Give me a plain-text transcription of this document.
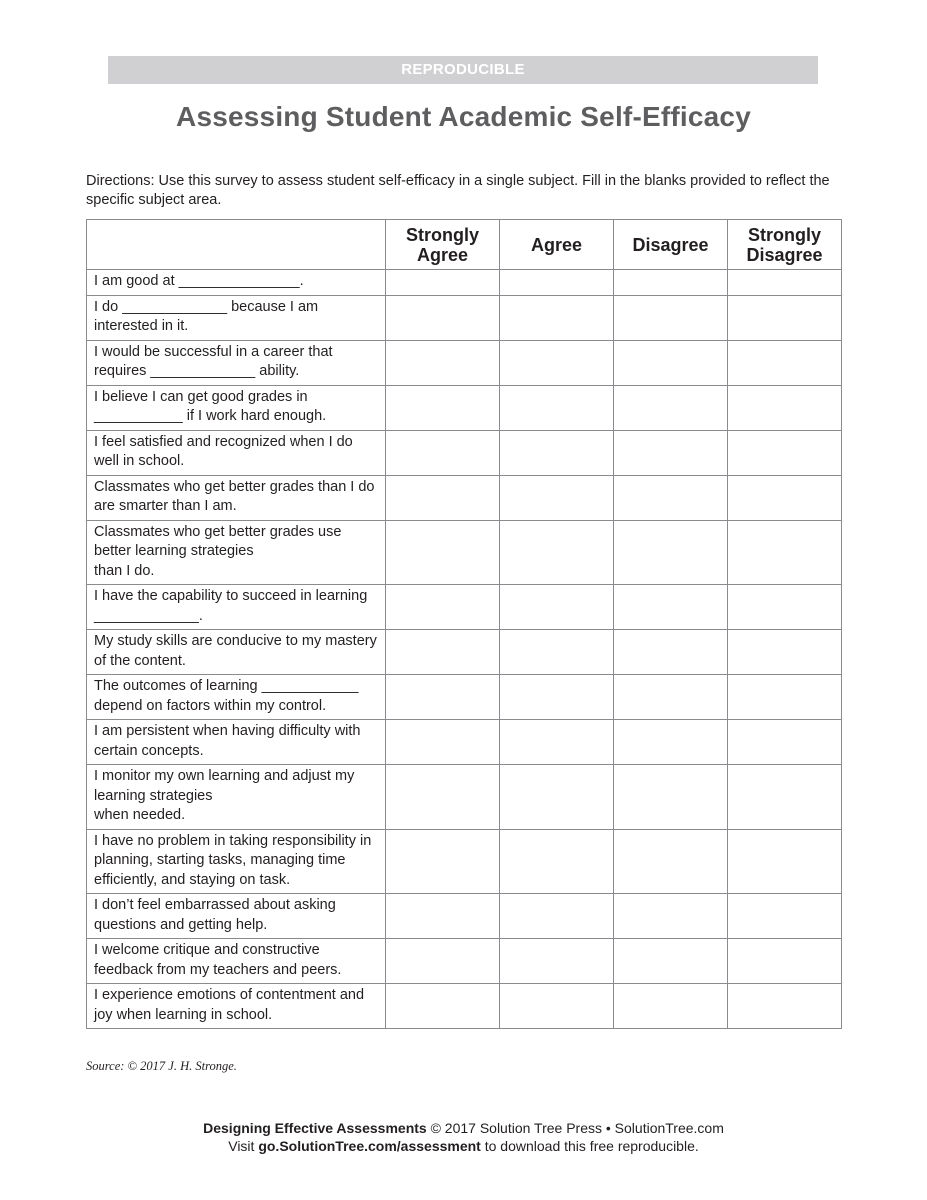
REPRODUCIBLE
Assessing Student Academic Self-Efficacy

Directions: Use this survey to assess student self-efficacy in a single subject. Fill in the blanks provided to reflect the specific subject area.

	Strongly Agree	Agree	Disagree	Strongly Disagree
I am good at _______________.				
I do _____________ because I am interested in it.				
I would be successful in a career that requires _____________ ability.				
I believe I can get good grades in ___________ if I work hard enough.				
I feel satisfied and recognized when I do well in school.				
Classmates who get better grades than I do are smarter than I am.				
Classmates who get better grades use better learning strategies
than I do.				
I have the capability to succeed in learning _____________.				
My study skills are conducive to my mastery of the content.				
The outcomes of learning ____________ depend on factors within my control.				
I am persistent when having difficulty with certain concepts.				
I monitor my own learning and adjust my learning strategies
when needed.				
I have no problem in taking responsibility in planning, starting tasks, managing time efficiently, and staying on task.				
I don’t feel embarrassed about asking questions and getting help.				
I welcome critique and constructive feedback from my teachers and peers.				
I experience emotions of contentment and joy when learning in school.				
Source: © 2017 J. H. Stronge.
Designing Effective Assessments © 2017 Solution Tree Press • SolutionTree.com
Visit go.SolutionTree.com/assessment to download this free reproducible.
